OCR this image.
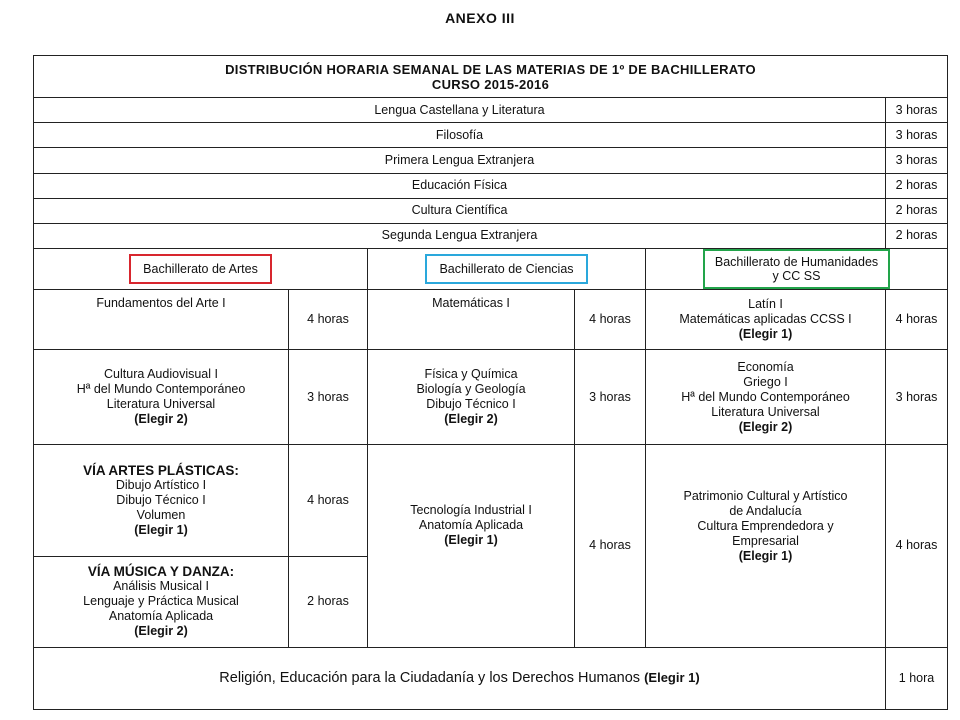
ANEXO III
DISTRIBUCIÓN HORARIA SEMANAL DE LAS MATERIAS DE 1º DE BACHILLERATO
CURSO 2015-2016					

Lengua Castellana y Literatura					3 horas
Filosofía					3 horas
Primera Lengua Extranjera					3 horas
Educación Física					2 horas
Cultura Científica					2 horas
Segunda Lengua Extranjera					2 horas
Bachillerato de Artes		Bachillerato de Ciencias		Bachillerato de Humanidades
y CC SS	

Fundamentos del Arte I	4 horas	Matemáticas I	4 horas	Latín I
Matemáticas aplicadas CCSS I
(Elegir 1)	4 horas

Cultura Audiovisual I
Hª del Mundo Contemporáneo
Literatura Universal
(Elegir 2)	3 horas	Física y Química
Biología y Geología
Dibujo Técnico I
(Elegir 2)	3 horas	Economía
Griego I
Hª del Mundo Contemporáneo
Literatura Universal
(Elegir 2)	3 horas

VÍA ARTES PLÁSTICAS:
Dibujo Artístico I
Dibujo Técnico I
Volumen
(Elegir 1)	4 horas	Tecnología Industrial I
Anatomía Aplicada
(Elegir 1)	4 horas	Patrimonio Cultural y Artístico
de Andalucía
Cultura Emprendedora y
Empresarial
(Elegir 1)	4 horas

VÍA MÚSICA Y DANZA:
Análisis Musical I
Lenguaje y Práctica Musical
Anatomía Aplicada
(Elegir 2)	2 horas				
Religión, Educación para la Ciudadanía y los Derechos Humanos (Elegir 1)					1 hora
